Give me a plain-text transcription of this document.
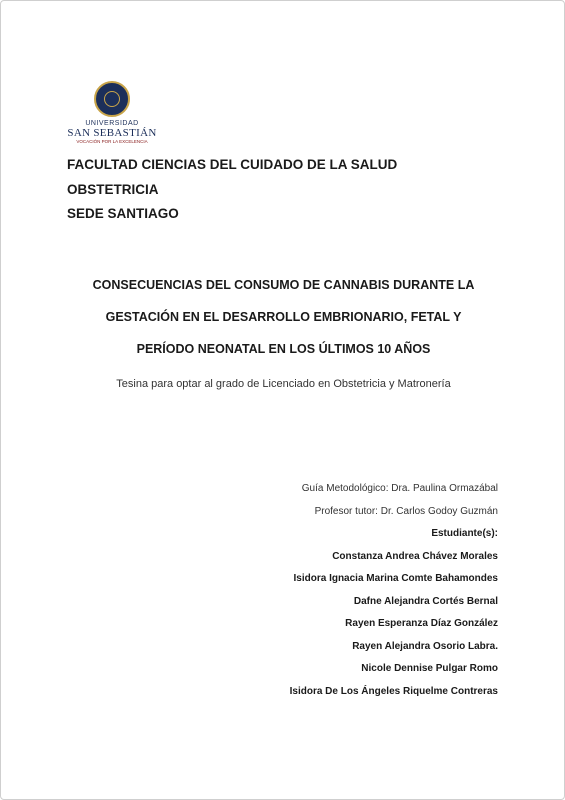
UNIVERSIDAD
SAN SEBASTIÁN
VOCACIÓN POR LA EXCELENCIA
FACULTAD CIENCIAS DEL CUIDADO DE LA SALUD
OBSTETRICIA
SEDE SANTIAGO
CONSECUENCIAS DEL CONSUMO DE CANNABIS DURANTE LA
GESTACIÓN EN EL DESARROLLO EMBRIONARIO, FETAL Y
PERÍODO NEONATAL EN LOS ÚLTIMOS 10 AÑOS
Tesina para optar al grado de Licenciado en Obstetricia y Matronería
Guía Metodológico: Dra. Paulina Ormazábal
Profesor tutor: Dr. Carlos Godoy Guzmán
Estudiante(s):
Constanza Andrea Chávez Morales
Isidora Ignacia Marina Comte Bahamondes
Dafne Alejandra Cortés Bernal
Rayen Esperanza Díaz González
Rayen Alejandra Osorio Labra.
Nicole Dennise Pulgar Romo
Isidora De Los Ángeles Riquelme Contreras
